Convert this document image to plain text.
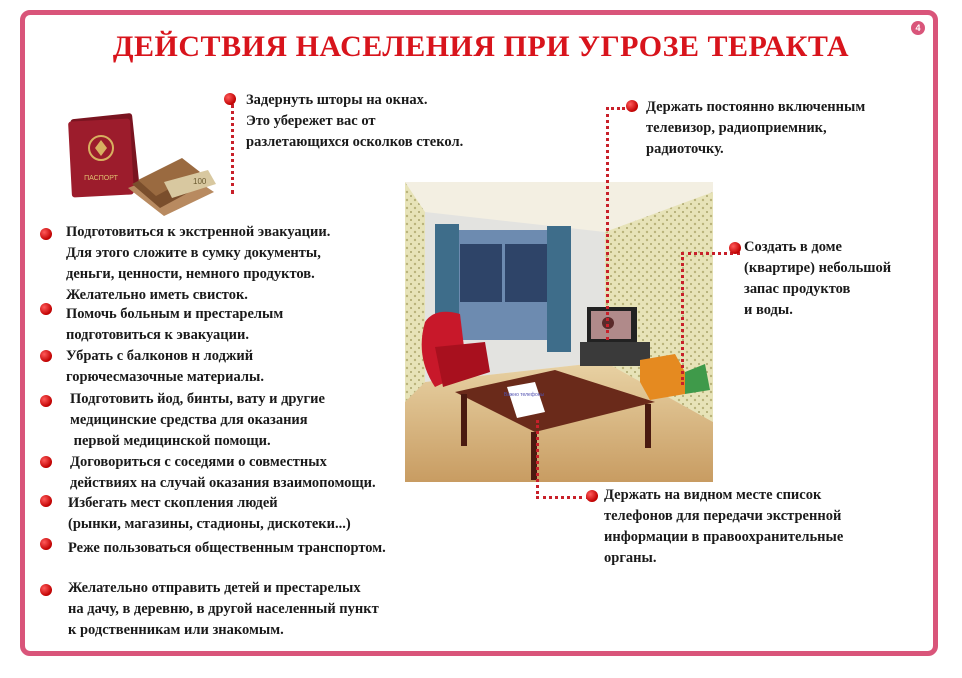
4
ДЕЙСТВИЯ НАСЕЛЕНИЯ ПРИ УГРОЗЕ ТЕРАКТА
ПАСПОРТ	100
Важно телефоны
Задернуть шторы на окнах.
Это убережет вас от
разлетающихся осколков стекол.
Держать постоянно включенным
телевизор, радиоприемник,
радиоточку.
Создать в доме
(квартире) небольшой
запас продуктов
и воды.
Держать на видном месте список
телефонов для передачи экстренной
информации в правоохранительные
органы.
Подготовиться к экстренной эвакуации.
Для этого сложите в сумку документы,
деньги, ценности, немного продуктов.
Желательно иметь свисток.
Помочь больным и престарелым
подготовиться к эвакуации.
Убрать с балконов н лоджий
горючесмазочные материалы.
Подготовить йод, бинты, вату и другие
медицинские средства для оказания
первой медицинской помощи.
Договориться с соседями о совместных
действиях на случай оказания взаимопомощи.
Избегать мест скопления людей
(рынки, магазины, стадионы, дискотеки...)
Реже пользоваться общественным транспортом.
Желательно отправить детей и престарелых
на дачу, в деревню, в другой населенный пункт
к родственникам или знакомым.
